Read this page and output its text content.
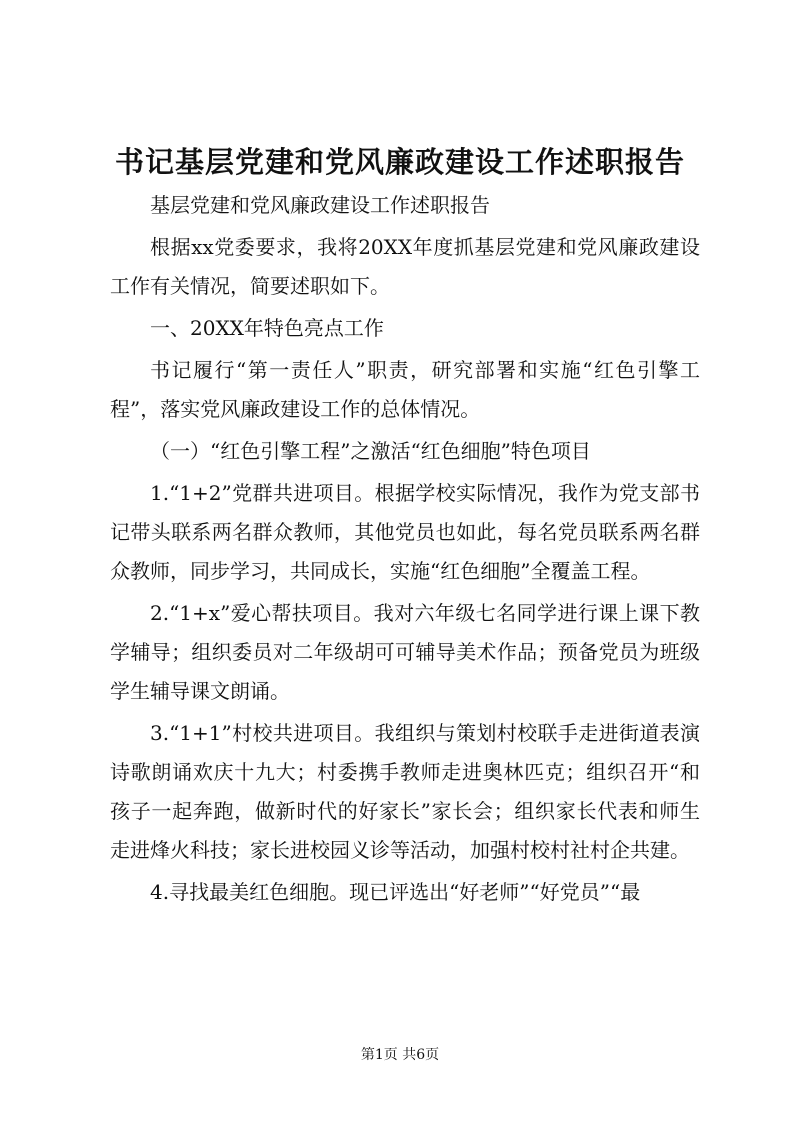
书记基层党建和党风廉政建设工作述职报告

基层党建和党风廉政建设工作述职报告

根据xx党委要求，我将20XX年度抓基层党建和党风廉政建设工作有关情况，简要述职如下。

一、20XX年特色亮点工作

书记履行“第一责任人”职责，研究部署和实施“红色引擎工程”，落实党风廉政建设工作的总体情况。

（一）“红色引擎工程”之激活“红色细胞”特色项目

1.“1+2”党群共进项目。根据学校实际情况，我作为党支部书记带头联系两名群众教师，其他党员也如此，每名党员联系两名群众教师，同步学习，共同成长，实施“红色细胞”全覆盖工程。

2.“1+x”爱心帮扶项目。我对六年级七名同学进行课上课下教学辅导；组织委员对二年级胡可可辅导美术作品；预备党员为班级学生辅导课文朗诵。

3.“1+1”村校共进项目。我组织与策划村校联手走进街道表演诗歌朗诵欢庆十九大；村委携手教师走进奥林匹克；组织召开“和孩子一起奔跑，做新时代的好家长”家长会；组织家长代表和师生走进烽火科技；家长进校园义诊等活动，加强村校村社村企共建。

4.寻找最美红色细胞。现已评选出“好老师”“好党员”“最

第1页 共6页
